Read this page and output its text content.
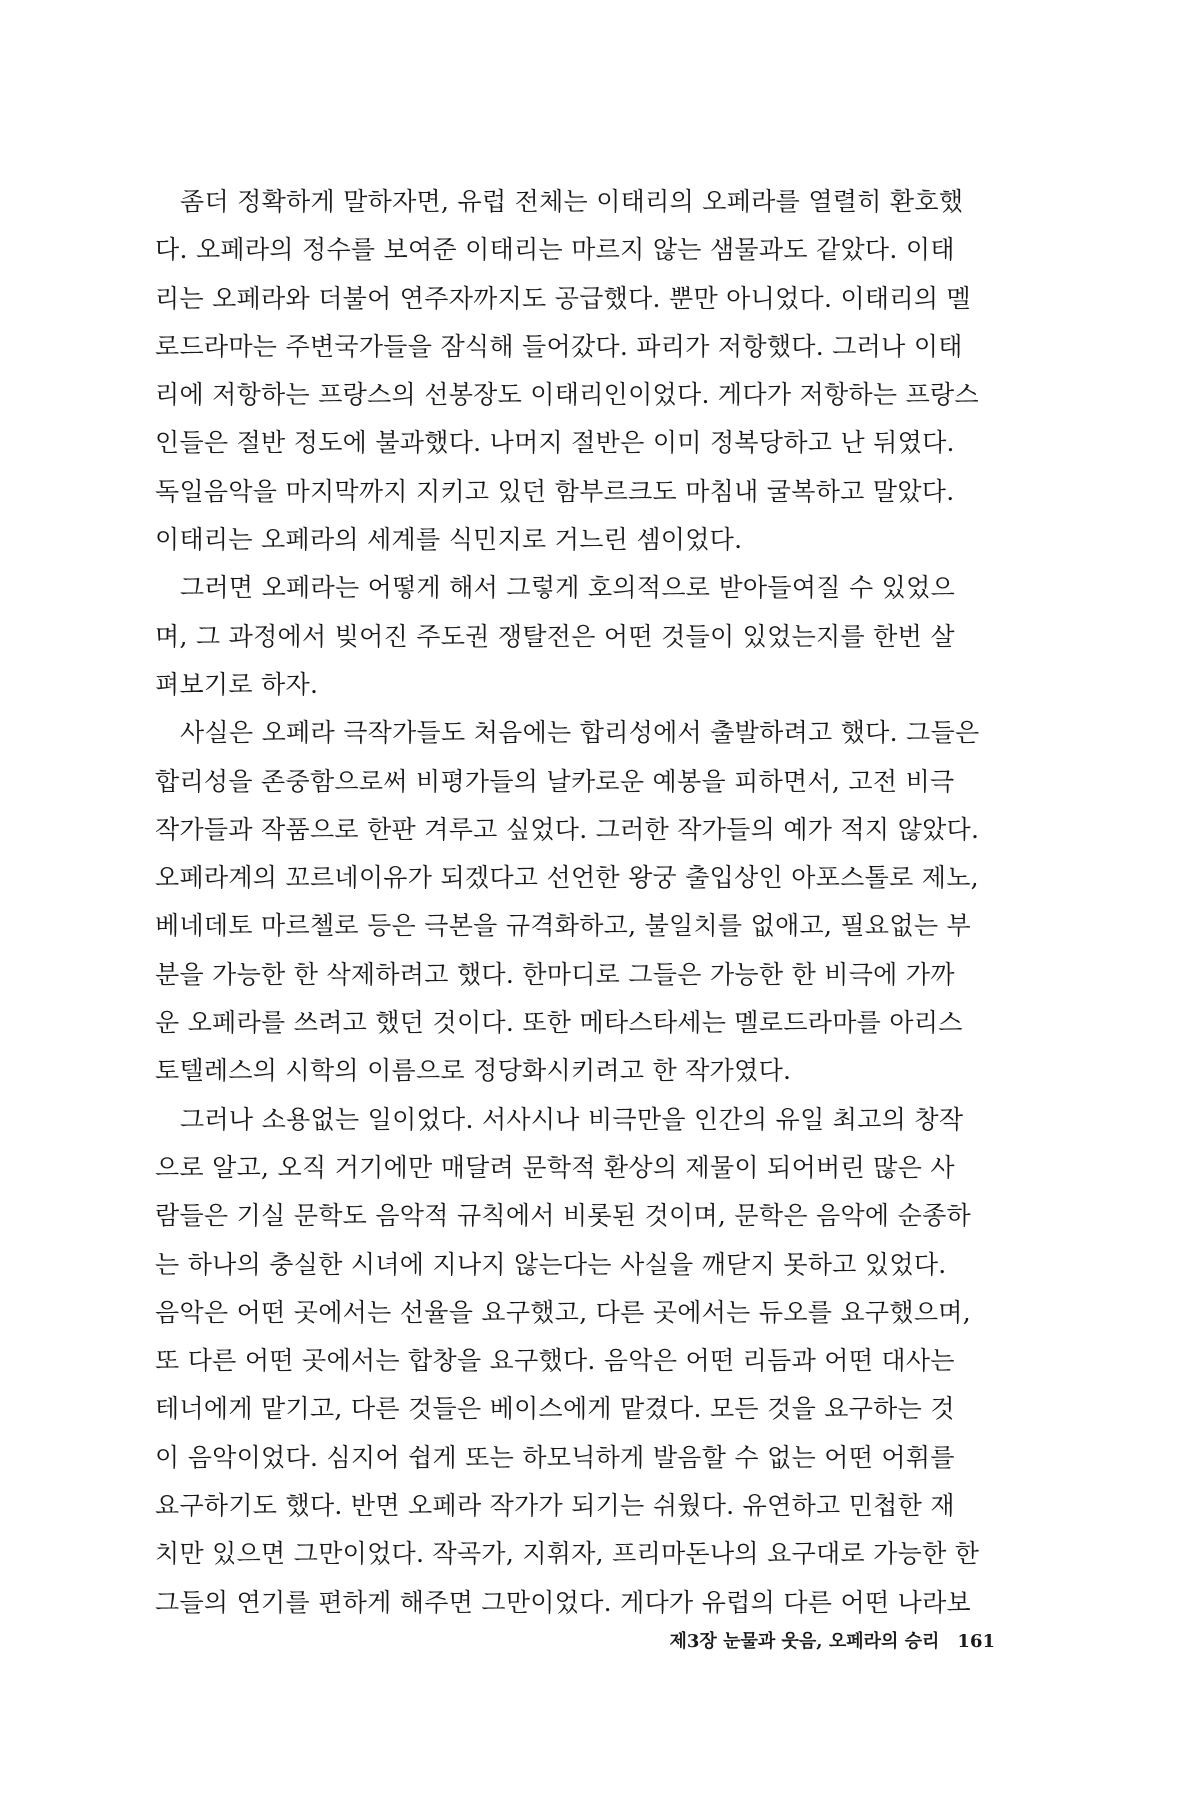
좀더 정확하게 말하자면, 유럽 전체는 이태리의 오페라를 열렬히 환호했
다. 오페라의 정수를 보여준 이태리는 마르지 않는 샘물과도 같았다. 이태
리는 오페라와 더불어 연주자까지도 공급했다. 뿐만 아니었다. 이태리의 멜
로드라마는 주변국가들을 잠식해 들어갔다. 파리가 저항했다. 그러나 이태
리에 저항하는 프랑스의 선봉장도 이태리인이었다. 게다가 저항하는 프랑스
인들은 절반 정도에 불과했다. 나머지 절반은 이미 정복당하고 난 뒤였다.
독일음악을 마지막까지 지키고 있던 함부르크도 마침내 굴복하고 말았다.
이태리는 오페라의 세계를 식민지로 거느린 셈이었다.
그러면 오페라는 어떻게 해서 그렇게 호의적으로 받아들여질 수 있었으
며, 그 과정에서 빚어진 주도권 쟁탈전은 어떤 것들이 있었는지를 한번 살
펴보기로 하자.
사실은 오페라 극작가들도 처음에는 합리성에서 출발하려고 했다. 그들은
합리성을 존중함으로써 비평가들의 날카로운 예봉을 피하면서, 고전 비극
작가들과 작품으로 한판 겨루고 싶었다. 그러한 작가들의 예가 적지 않았다.
오페라계의 꼬르네이유가 되겠다고 선언한 왕궁 출입상인 아포스톨로 제노,
베네데토 마르첼로 등은 극본을 규격화하고, 불일치를 없애고, 필요없는 부
분을 가능한 한 삭제하려고 했다. 한마디로 그들은 가능한 한 비극에 가까
운 오페라를 쓰려고 했던 것이다. 또한 메타스타세는 멜로드라마를 아리스
토텔레스의 시학의 이름으로 정당화시키려고 한 작가였다.
그러나 소용없는 일이었다. 서사시나 비극만을 인간의 유일 최고의 창작
으로 알고, 오직 거기에만 매달려 문학적 환상의 제물이 되어버린 많은 사
람들은 기실 문학도 음악적 규칙에서 비롯된 것이며, 문학은 음악에 순종하
는 하나의 충실한 시녀에 지나지 않는다는 사실을 깨닫지 못하고 있었다.
음악은 어떤 곳에서는 선율을 요구했고, 다른 곳에서는 듀오를 요구했으며,
또 다른 어떤 곳에서는 합창을 요구했다. 음악은 어떤 리듬과 어떤 대사는
테너에게 맡기고, 다른 것들은 베이스에게 맡겼다. 모든 것을 요구하는 것
이 음악이었다. 심지어 쉽게 또는 하모닉하게 발음할 수 없는 어떤 어휘를
요구하기도 했다. 반면 오페라 작가가 되기는 쉬웠다. 유연하고 민첩한 재
치만 있으면 그만이었다. 작곡가, 지휘자, 프리마돈나의 요구대로 가능한 한
그들의 연기를 편하게 해주면 그만이었다. 게다가 유럽의 다른 어떤 나라보
제3장 눈물과 웃음, 오페라의 승리 161
